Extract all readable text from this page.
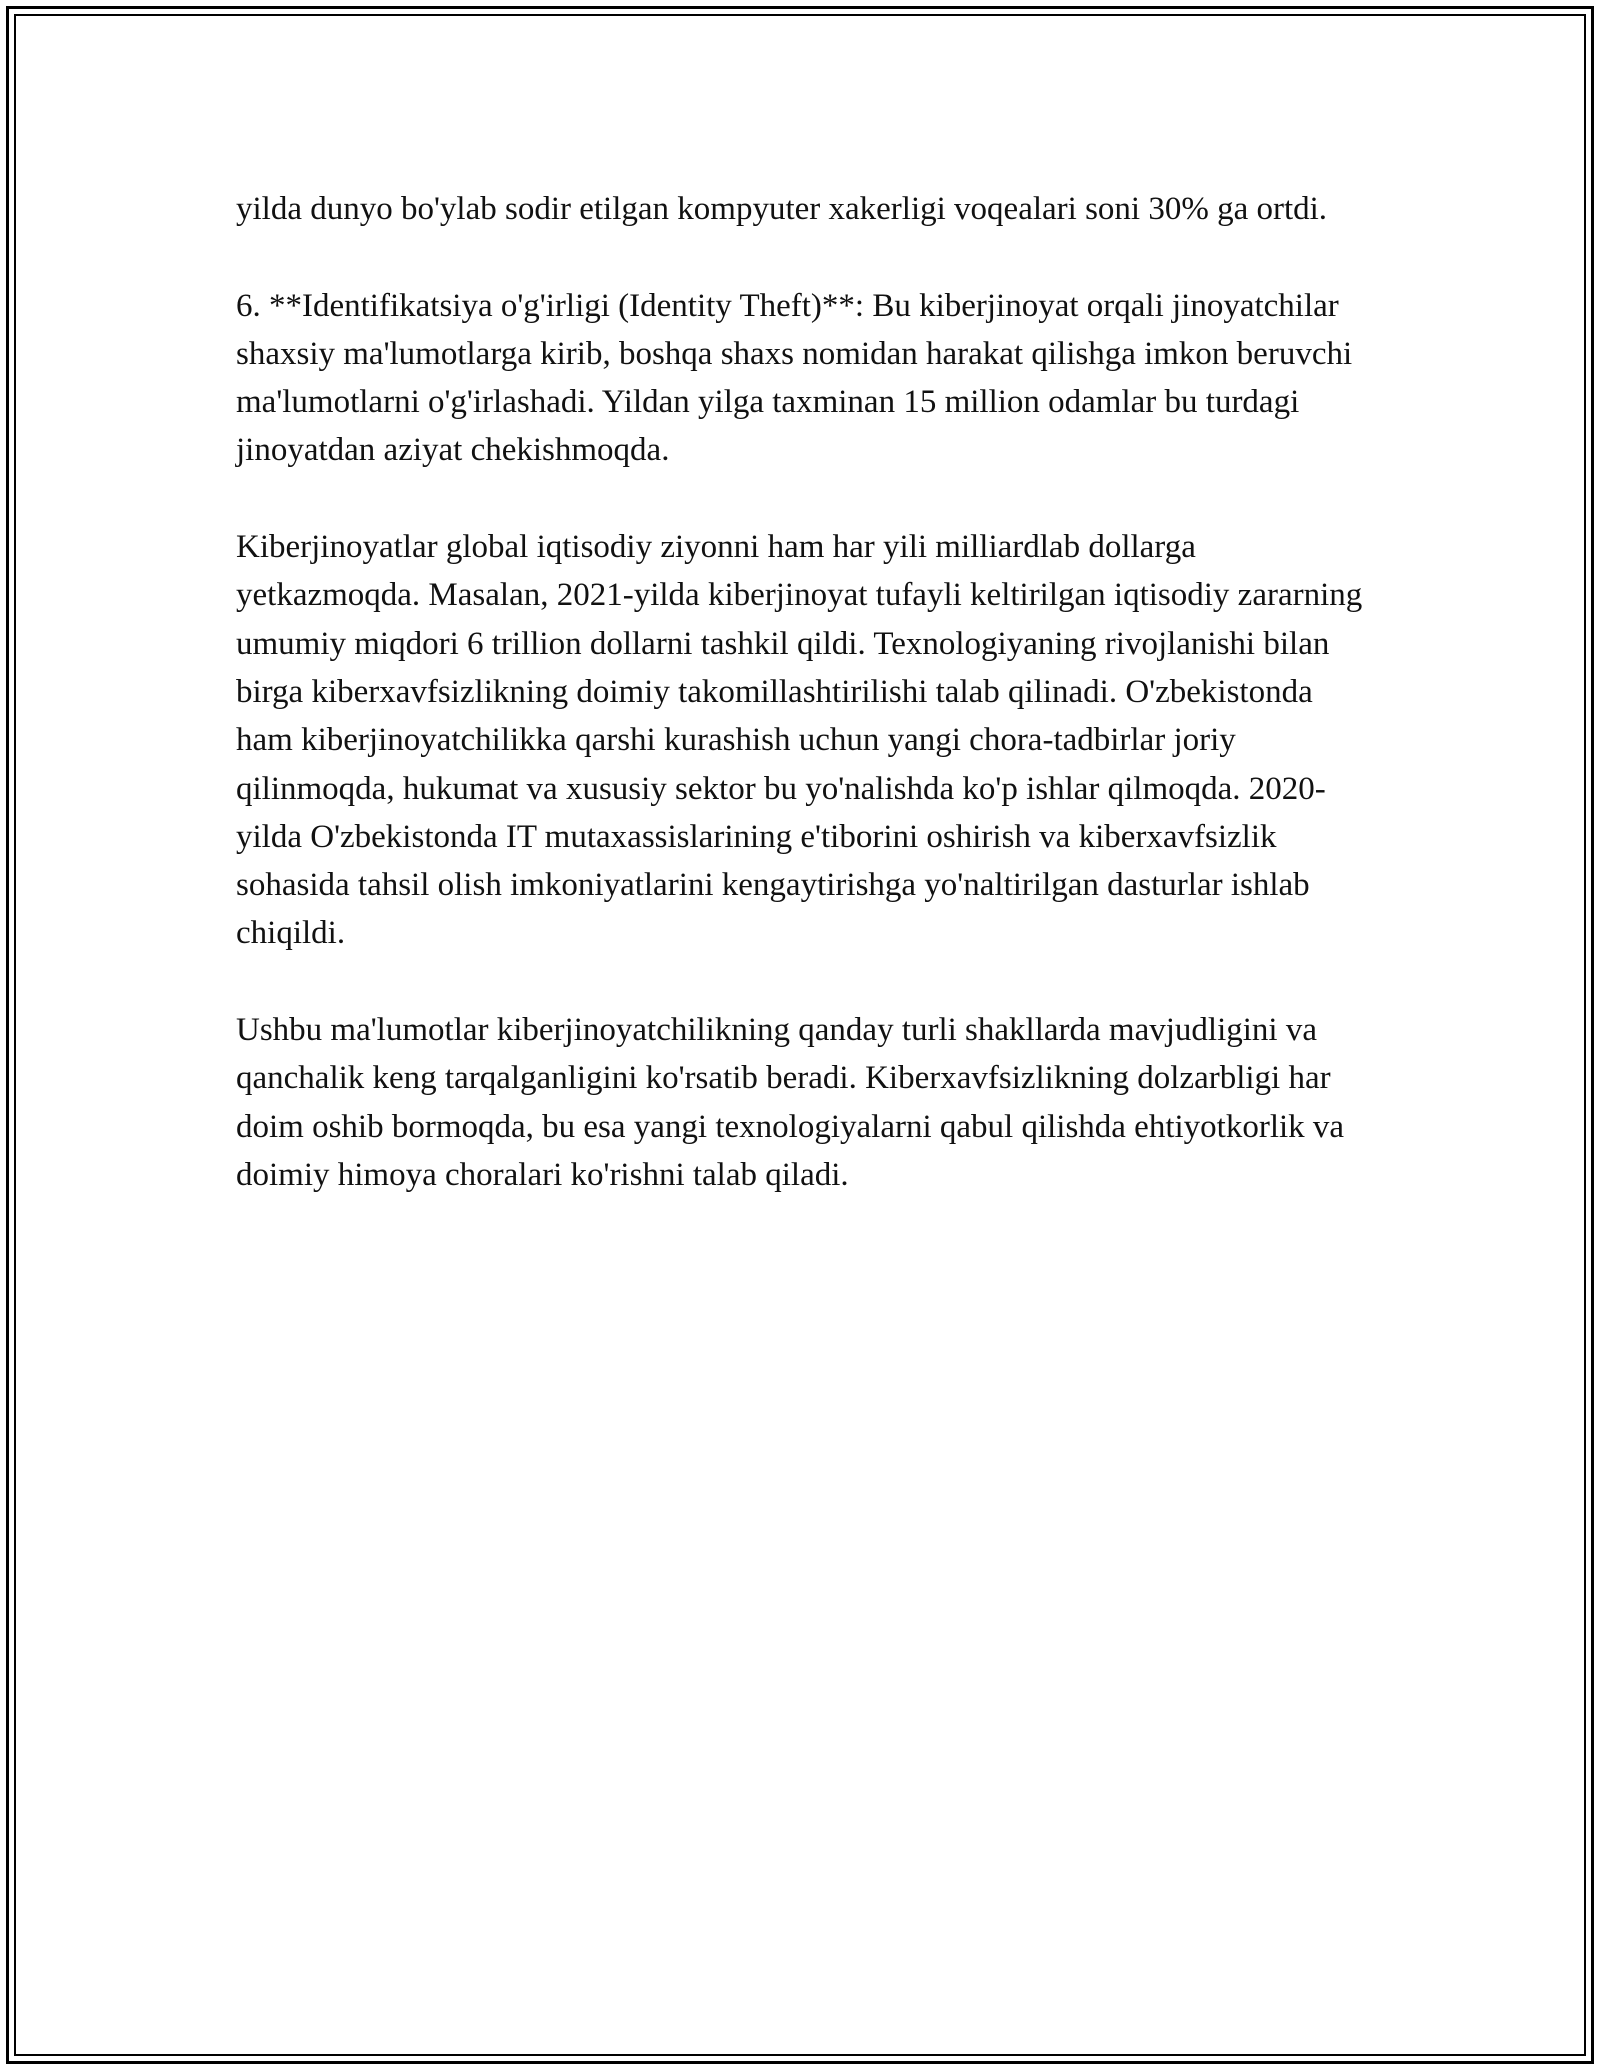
yilda dunyo bo'ylab sodir etilgan kompyuter xakerligi voqealari soni 30% ga ortdi.

6. **Identifikatsiya o'g'irligi (Identity Theft)**: Bu kiberjinoyat orqali jinoyatchilar shaxsiy ma'lumotlarga kirib, boshqa shaxs nomidan harakat qilishga imkon beruvchi ma'lumotlarni o'g'irlashadi. Yildan yilga taxminan 15 million odamlar bu turdagi jinoyatdan aziyat chekishmoqda.

Kiberjinoyatlar global iqtisodiy ziyonni ham har yili milliardlab dollarga yetkazmoqda. Masalan, 2021-yilda kiberjinoyat tufayli keltirilgan iqtisodiy zararning umumiy miqdori 6 trillion dollarni tashkil qildi. Texnologiyaning rivojlanishi bilan birga kiberxavfsizlikning doimiy takomillashtirilishi talab qilinadi. O'zbekistonda ham kiberjinoyatchilikka qarshi kurashish uchun yangi chora-tadbirlar joriy qilinmoqda, hukumat va xususiy sektor bu yo'nalishda ko'p ishlar qilmoqda. 2020-yilda O'zbekistonda IT mutaxassislarining e'tiborini oshirish va kiberxavfsizlik sohasida tahsil olish imkoniyatlarini kengaytirishga yo'naltirilgan dasturlar ishlab chiqildi.

Ushbu ma'lumotlar kiberjinoyatchilikning qanday turli shakllarda mavjudligini va qanchalik keng tarqalganligini ko'rsatib beradi. Kiberxavfsizlikning dolzarbligi har doim oshib bormoqda, bu esa yangi texnologiyalarni qabul qilishda ehtiyotkorlik va doimiy himoya choralari ko'rishni talab qiladi.
